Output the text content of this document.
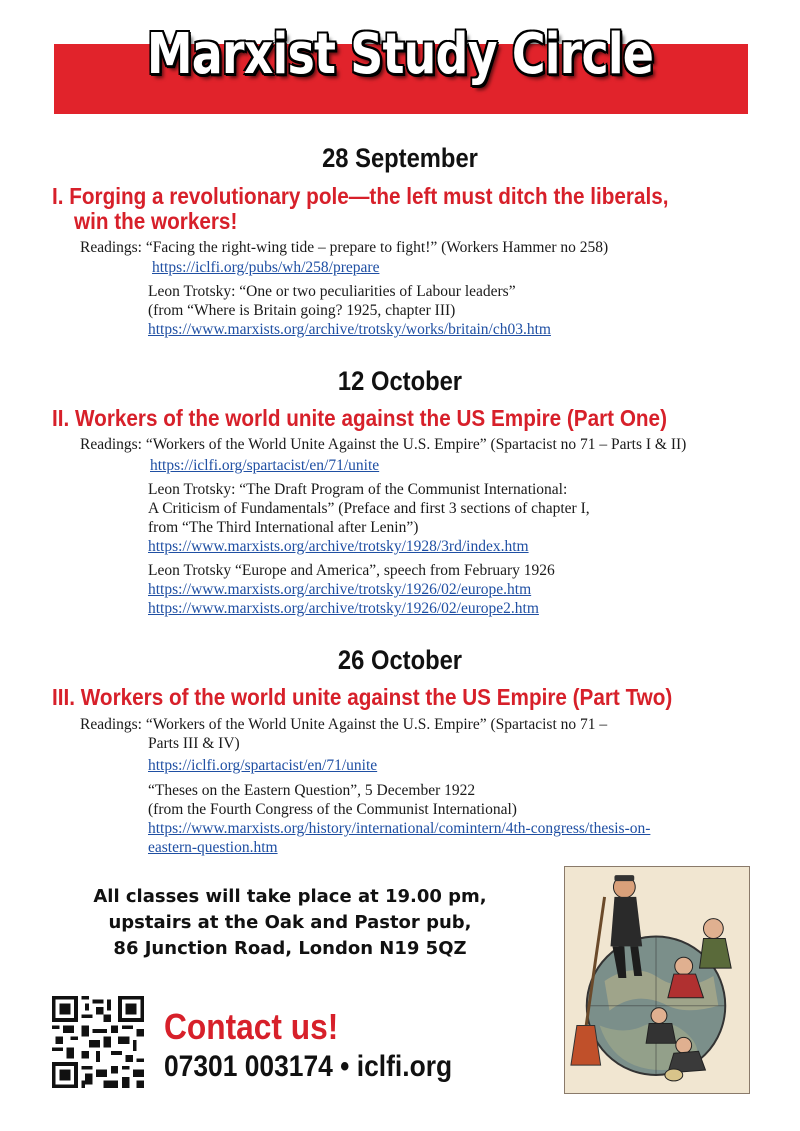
Marxist Study Circle
28 September
I. Forging a revolutionary pole—the left must ditch the liberals,
win the workers!
Readings: “Facing the right-wing tide – prepare to fight!” (Workers Hammer no 258)
https://iclfi.org/pubs/wh/258/prepare
Leon Trotsky: “One or two peculiarities of Labour leaders”
(from “Where is Britain going? 1925, chapter III)
https://www.marxists.org/archive/trotsky/works/britain/ch03.htm
12 October
II. Workers of the world unite against the US Empire (Part One)
Readings: “Workers of the World Unite Against the U.S. Empire” (Spartacist no 71 – Parts I & II)
https://iclfi.org/spartacist/en/71/unite
Leon Trotsky: “The Draft Program of the Communist International:
A Criticism of Fundamentals” (Preface and first 3 sections of chapter I,
from “The Third International after Lenin”)
https://www.marxists.org/archive/trotsky/1928/3rd/index.htm
Leon Trotsky “Europe and America”, speech from February 1926
https://www.marxists.org/archive/trotsky/1926/02/europe.htm
https://www.marxists.org/archive/trotsky/1926/02/europe2.htm
26 October
III. Workers of the world unite against the US Empire (Part Two)
Readings: “Workers of the World Unite Against the U.S. Empire” (Spartacist no 71 –
Parts III & IV)
https://iclfi.org/spartacist/en/71/unite
“Theses on the Eastern Question”, 5 December 1922
(from the Fourth Congress of the Communist International)
https://www.marxists.org/history/international/comintern/4th-congress/thesis-on-
eastern-question.htm
All classes will take place at 19.00 pm,
upstairs at the Oak and Pastor pub,
86 Junction Road, London N19 5QZ
Contact us!
07301 003174 • iclfi.org
